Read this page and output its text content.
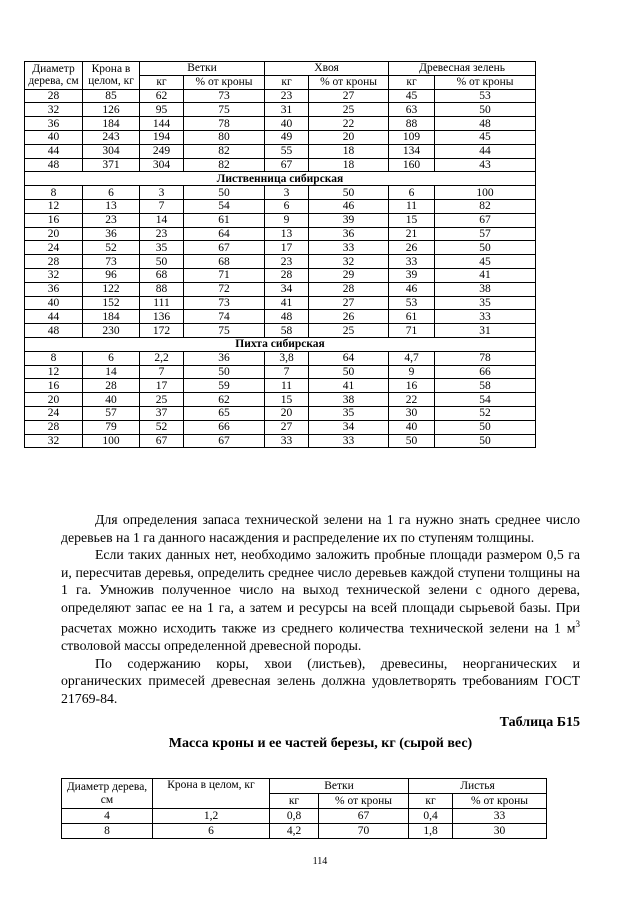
Диаметр дерева, см	Крона в целом, кг	Ветки		Хвоя		Древесная зелень	
		кг	% от кроны	кг	% от кроны	кг	% от кроны
28	85	62	73	23	27	45	53
32	126	95	75	31	25	63	50
36	184	144	78	40	22	88	48
40	243	194	80	49	20	109	45
44	304	249	82	55	18	134	44
48	371	304	82	67	18	160	43
Лиственница сибирская							
8	6	3	50	3	50	6	100
12	13	7	54	6	46	11	82
16	23	14	61	9	39	15	67
20	36	23	64	13	36	21	57
24	52	35	67	17	33	26	50
28	73	50	68	23	32	33	45
32	96	68	71	28	29	39	41
36	122	88	72	34	28	46	38
40	152	111	73	41	27	53	35
44	184	136	74	48	26	61	33
48	230	172	75	58	25	71	31
Пихта сибирская							
8	6	2,2	36	3,8	64	4,7	78
12	14	7	50	7	50	9	66
16	28	17	59	11	41	16	58
20	40	25	62	15	38	22	54
24	57	37	65	20	35	30	52
28	79	52	66	27	34	40	50
32	100	67	67	33	33	50	50

Для определения запаса технической зелени на 1 га нужно знать среднее число деревьев на 1 га данного насаждения и распределение их по ступеням толщины.

Если таких данных нет, необходимо заложить пробные площади размером 0,5 га и, пересчитав деревья, определить среднее число деревьев каждой ступени толщины на 1 га. Умножив полученное число на выход технической зелени с одного дерева, определяют запас ее на 1 га, а затем и ресурсы на всей площади сырьевой базы. При расчетах можно исходить также из среднего количества технической зелени на 1 $м^3$ стволовой массы определенной древесной породы.

По содержанию коры, хвои (листьев), древесины, неорганических и органических примесей древесная зелень должна удовлетворять требованиям ГОСТ 21769-84.

Таблица Б15
Масса кроны и ее частей березы, кг (сырой вес)
Диаметр дерева, см	Крона в целом, кг	Ветки		Листья	
		кг	% от кроны	кг	% от кроны
4	1,2	0,8	67	0,4	33
8	6	4,2	70	1,8	30
114
